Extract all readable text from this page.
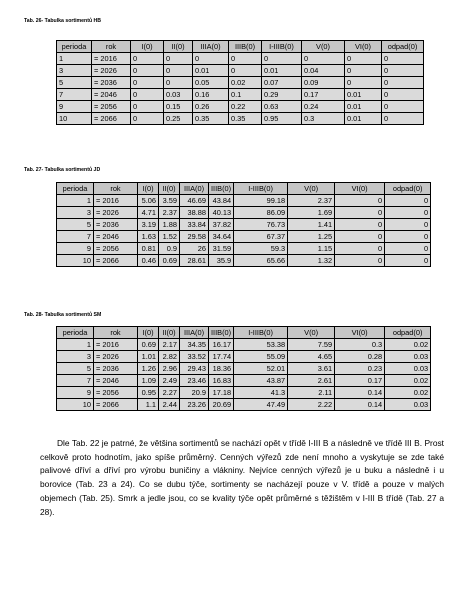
Tab. 26- Tabulka sortimentů HB
perioda	rok	I(0)	II(0)	IIIA(0)	IIIB(0)	I-IIIB(0)	V(0)	VI(0)	odpad(0)
1	= 2016	0	0	0	0	0	0	0	0
3	= 2026	0	0	0.01	0	0.01	0.04	0	0
5	= 2036	0	0	0.05	0.02	0.07	0.09	0	0
7	= 2046	0	0.03	0.16	0.1	0.29	0.17	0.01	0
9	= 2056	0	0.15	0.26	0.22	0.63	0.24	0.01	0
10	= 2066	0	0.25	0.35	0.35	0.95	0.3	0.01	0
Tab. 27- Tabulka sortimentů JD
perioda	rok	I(0)	II(0)	IIIA(0)	IIIB(0)	I-IIIB(0)	V(0)	VI(0)	odpad(0)
1	= 2016	5.06	3.59	46.69	43.84	99.18	2.37	0	0
3	= 2026	4.71	2.37	38.88	40.13	86.09	1.69	0	0
5	= 2036	3.19	1.88	33.84	37.82	76.73	1.41	0	0
7	= 2046	1.63	1.52	29.58	34.64	67.37	1.25	0	0
9	= 2056	0.81	0.9	26	31.59	59.3	1.15	0	0
10	= 2066	0.46	0.69	28.61	35.9	65.66	1.32	0	0
Tab. 28- Tabulka sortimentů SM
perioda	rok	I(0)	II(0)	IIIA(0)	IIIB(0)	I-IIIB(0)	V(0)	VI(0)	odpad(0)
1	= 2016	0.69	2.17	34.35	16.17	53.38	7.59	0.3	0.02
3	= 2026	1.01	2.82	33.52	17.74	55.09	4.65	0.28	0.03
5	= 2036	1.26	2.96	29.43	18.36	52.01	3.61	0.23	0.03
7	= 2046	1.09	2.49	23.46	16.83	43.87	2.61	0.17	0.02
9	= 2056	0.95	2.27	20.9	17.18	41.3	2.11	0.14	0.02
10	= 2066	1.1	2.44	23.26	20.69	47.49	2.22	0.14	0.03

Dle Tab. 22 je patrné, že většina sortimentů se nachází opět v třídě I-III B a následně ve třídě III B. Prost celkově proto hodnotím, jako spíše průměrný. Cenných výřezů zde není mnoho a vyskytuje se zde také palivové dříví a dříví pro výrobu buničiny a vlákniny. Nejvíce cenných výřezů je u buku a následně i u borovice (Tab. 23 a 24). Co se dubu týče, sortimenty se nacházejí pouze v V. třídě a pouze v malých objemech (Tab. 25). Smrk a jedle jsou, co se kvality týče opět průměrné s těžištěm v I-III B třídě (Tab. 27 a 28).
